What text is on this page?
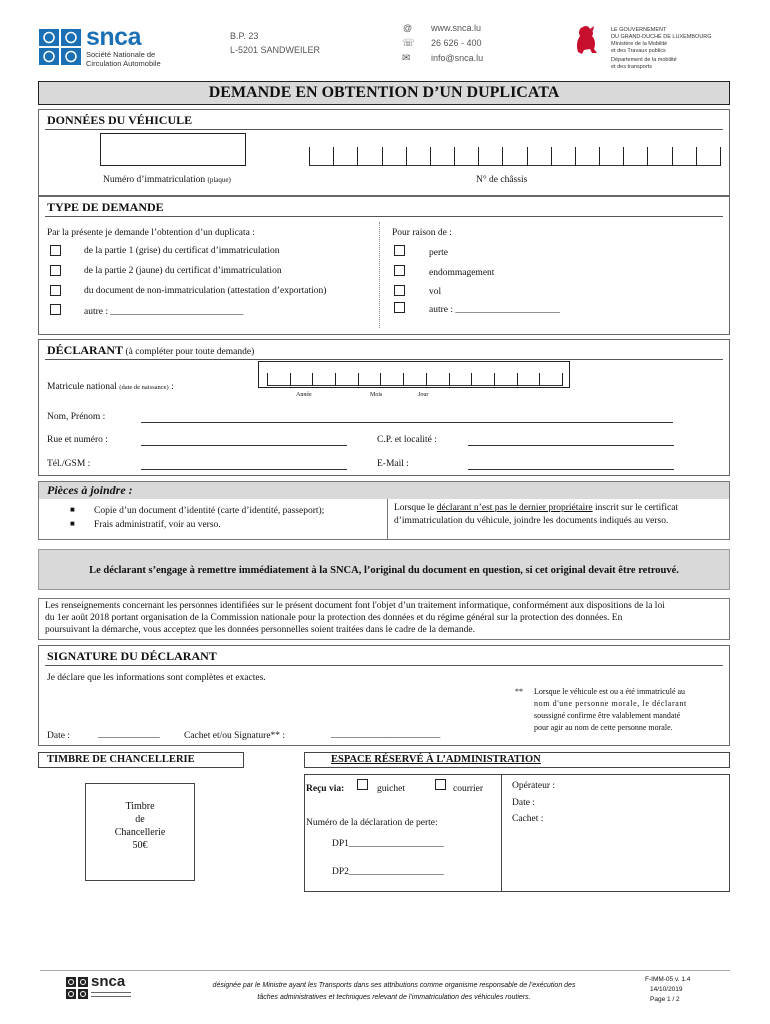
snca
Société Nationale de
Circulation Automobile
B.P. 23
L-5201 SANDWEILER
@ www.snca.lu
☏ 26 626 - 400
✉ info@snca.lu
LE GOUVERNEMENT
DU GRAND-DUCHÉ DE LUXEMBOURG
Ministère de la Mobilité
et des Travaux publics
Département de la mobilité
et des transports
DEMANDE EN OBTENTION D’UN DUPLICATA
DONNÉES DU VÉHICULE
Numéro d’immatriculation (plaque)	N° de châssis
TYPE DE DEMANDE
Par la présente je demande l’obtention d’un duplicata :	Pour raison de :
de la partie 1 (grise) du certificat d’immatriculation
de la partie 2 (jaune) du certificat d’immatriculation
du document de non-immatriculation (attestation d’exportation)
autre : ____________________________
perte
endommagement
vol
autre : ______________________
DÉCLARANT (à compléter pour toute demande)
Matricule national (date de naissance) :
Année	Mois	Jour
Nom, Prénom :
Rue et numéro :	C.P. et localité :
Tél./GSM :	E-Mail :
Pièces à joindre :
■ Copie d’un document d’identité (carte d’identité, passeport);
■ Frais administratif, voir au verso.
Lorsque le déclarant n’est pas le dernier propriétaire inscrit sur le certificat
d’immatriculation du véhicule, joindre les documents indiqués au verso.
Le déclarant s’engage à remettre immédiatement à la SNCA, l’original du document en question, si cet original devait être retrouvé.
Les renseignements concernant les personnes identifiées sur le présent document font l'objet d’un traitement informatique, conformément aux dispositions de la loi
du 1er août 2018 portant organisation de la Commission nationale pour la protection des données et du régime général sur la protection des données. En
poursuivant la démarche, vous acceptez que les données personnelles soient traitées dans le cadre de la demande.
SIGNATURE DU DÉCLARANT
Je déclare que les informations sont complètes et exactes.
** Lorsque le véhicule est ou a été immatriculé au
nom d'une personne morale, le déclarant
soussigné confirme être valablement mandaté
pour agir au nom de cette personne morale.
Date :	_____________	Cachet et/ou Signature** :	_______________________
TIMBRE DE CHANCELLERIE
Timbre
de
Chancellerie
50€
ESPACE RÉSERVÉ À L’ADMINISTRATION
Reçu via:	guichet	courrier
Numéro de la déclaration de perte:
DP1____________________
DP2____________________
Opérateur :
Date :
Cachet :
snca	désignée par le Ministre ayant les Transports dans ses attributions comme organisme responsable de l’exécution des
tâches administratives et techniques relevant de l’immatriculation des véhicules routiers.
F-IMM-05 v. 1.4
14/10/2019
Page 1 / 2
